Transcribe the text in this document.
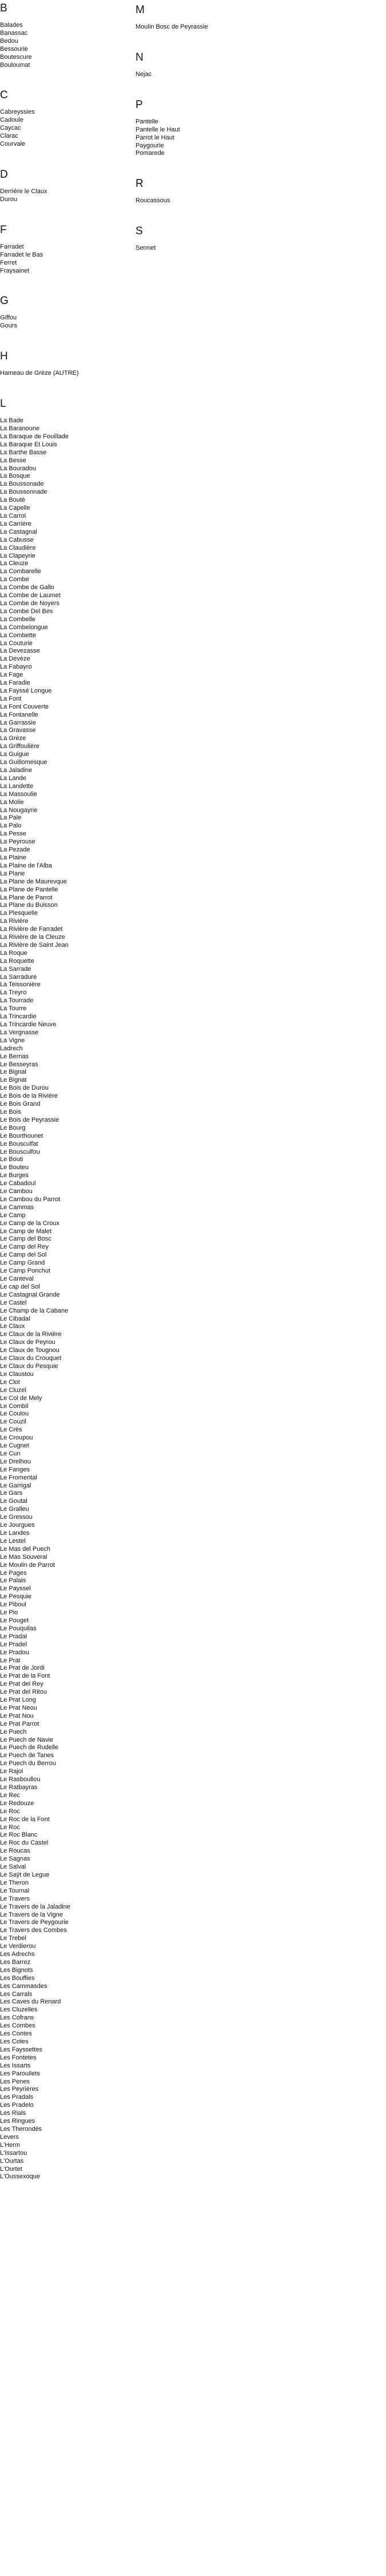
B
Balades
Banassac
Bedou
Bessourie
Boutescure
Bouloumat
C
Cabreyssies
Cadoule
Caycac
Clarac
Courvale
D
Derrière le Claux
Durou
F
Farradet
Farradet le Bas
Ferret
Fraysainet
G
Giffou
Gours
H
Hameau de Grèze (AUTRE)
L
La Bade
La Baranoune
La Baraque de Fouillade
La Baraque Et Louis
La Barthe Basse
La Besse
La Bouradou
La Bosque
La Boussonade
La Boussonnade
La Boutè
La Capelle
La Carrol
La Carrière
La Castagnal
La Cabusse
La Claudière
La Clapeyrie
La Cleuze
La Combarelle
La Combe
La Combe de Gallo
La Combe de Laumet
La Combe de Noyers
La Combe Del Bes
La Combelle
La Combelongue
La Combette
La Couturie
La Devezasse
La Devèze
La Fabayro
La Fage
La Faradie
La Fayssé Longue
La Font
La Font Couverte
La Fontanelle
La Garrassie
La Gravasse
La Grèze
La Griffoulière
La Guigue
La Guillomesque
La Jaladine
La Lande
La Landette
La Massoulie
La Molie
La Nougayrie
La Pale
La Palo
La Pesse
La Peyrouse
La Pezade
La Plaine
La Plaine de l'Alba
La Plane
La Plane de Maurevque
La Plane de Pantelle
La Plane de Parrot
La Plane du Buisson
La Plesquelle
La Rivière
La Rivière de Farradet
La Rivière de la Cleuze
La Rivière de Saint Jean
La Roque
La Roquette
La Sarrade
La Sarradure
La Teissonière
La Treyro
La Tourrade
La Tourre
La Trincardie
La Trincardie Neuve
La Vergnasse
La Vigne
Ladrech
Le Bernas
Le Besseyras
Le Bignal
Le Bignat
Le Bois de Durou
Le Bois de la Rivière
Le Bois Grand
Le Bois
Le Bois de Peyrassie
Le Bourg
Le Bourthounet
Le Bousculfat
Le Bousculfou
Le Bouti
Le Bouteu
Le Burges
Le Cabadoul
Le Cambou
Le Cambou du Parrot
Le Cammas
Le Camp
Le Camp de la Croux
Le Camp de Malet
Le Camp del Bosc
Le Camp del Rey
Le Camp del Sol
Le Camp Grand
Le Camp Ponchut
Le Canteval
Le cap del Sol
Le Castagnal Grande
Le Castel
Le Champ de la Cabane
Le Cibadal
Le Claux
Le Claux de la Rivière
Le Claux de Peyrou
Le Claux de Tougnou
Le Claux du Crouquet
Le Claux du Pesquie
Le Claustou
Le Clot
Le Cluzel
Le Col de Mely
Le Combil
Le Coulou
Le Couzil
Le Crès
Le Croupou
Le Cugnet
Le Cun
Le Drelhou
Le Fanges
Le Fromental
Le Garrigal
Le Gars
Le Goutal
Le Gralleu
Le Gressou
Le Jourgues
Le Landes
Le Lestel
Le Mas del Puech
Le Mas Souveral
Le Moulin de Parrot
Le Pages
Le Palais
Le Payssel
Le Pesquie
Le Piboul
Le Pio
Le Pouget
Le Pouquilas
Le Pradal
Le Pradel
Le Pradou
Le Prat
Le Prat de Jordi
Le Prat de la Font
Le Prat del Rey
Le Prat del Ritou
Le Prat Long
Le Prat Neou
Le Prat Nou
Le Prat Parrot
Le Puech
Le Puech de Navie
Le Puech de Rudelle
Le Puech de Tanes
Le Puech du Berrou
Le Rajol
Le Rasboullou
Le Ratbayras
Le Rec
Le Redouze
Le Roc
Le Roc de la Font
Le Roc
Le Roc Blanc
Le Roc du Castel
Le Roucas
Le Sagnas
Le Salval
Le Saÿt de Legue
Le Theron
Le Tournal
Le Travers
Le Travers de la Jaladine
Le Travers de la Vigne
Le Travers de Peygourie
Le Travers des Combes
Le Trebel
Le Verdierou
Les Adrechs
Les Barrez
Les Bignots
Les Bouffies
Les Cammasdes
Les Carrals
Les Caves du Renard
Les Cluzelles
Les Cofrans
Les Combes
Les Contes
Les Cotes
Les Fayssettes
Les Fontetes
Les Issarts
Les Parouilets
Les Penes
Les Peyrières
Les Pradals
Les Pradelo
Les Rials
Les Ringues
Les Therondés
Levers
L'Herm
L'Issartou
L'Ourtas
L'Ourtet
L'Oussexoque
M
Moulin Bosc de Peyrassie
N
Nejac
P
Pantelle
Pantelle le Haut
Parrot le Haut
Paygourie
Pomarede
R
Roucassous
S
Sermet
